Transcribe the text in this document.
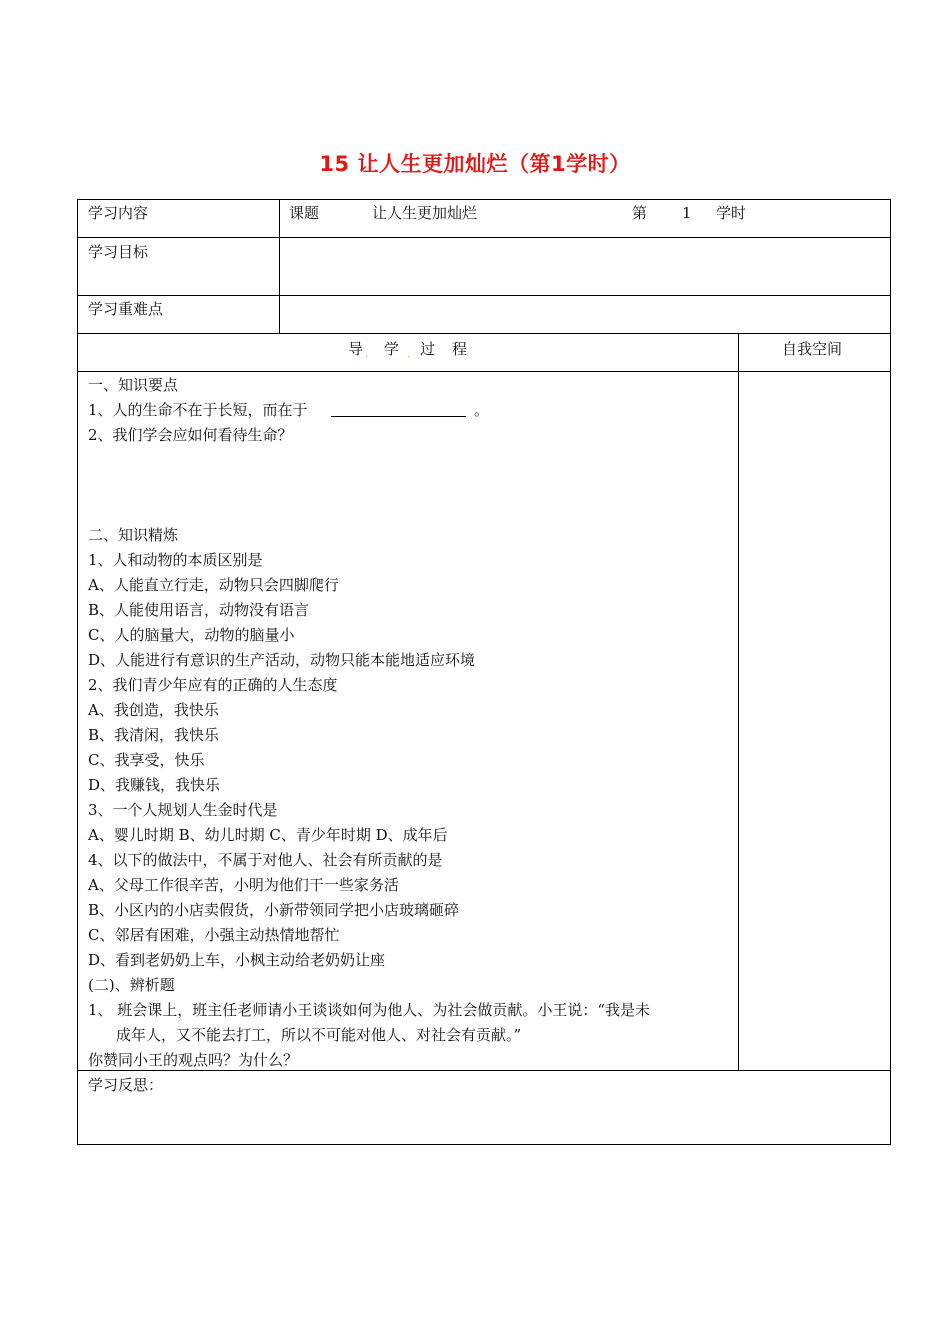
15 让人生更加灿烂（第1学时）
学习内容	课题	让人生更加灿烂	第 1 学时
学习目标
学习重难点
导 . 学 . 过 程	自我空间
一、知识要点
1、人的生命不在于长短，而在于	。
2、我们学会应如何看待生命？
二、知识精炼
1、人和动物的本质区别是
A、人能直立行走，动物只会四脚爬行
B、人能使用语言，动物没有语言
C、人的脑量大，动物的脑量小
D、人能进行有意识的生产活动，动物只能本能地适应环境
2、我们青少年应有的正确的人生态度
A、我创造，我快乐
B、我清闲，我快乐
C、我享受，快乐
D、我赚钱，我快乐
3、一个人规划人生金时代是
A、婴儿时期 B、幼儿时期 C、青少年时期 D、成年后
4、以下的做法中，不属于对他人、社会有所贡献的是
A、父母工作很辛苦，小明为他们干一些家务活
B、小区内的小店卖假货，小新带领同学把小店玻璃砸碎
C、邻居有困难，小强主动热情地帮忙
D、看到老奶奶上车，小枫主动给老奶奶让座
(二)、辨析题
1、 班会课上，班主任老师请小王谈谈如何为他人、为社会做贡献。小王说：“我是未
成年人，又不能去打工，所以不可能对他人、对社会有贡献。”
你赞同小王的观点吗？为什么？
学习反思：
